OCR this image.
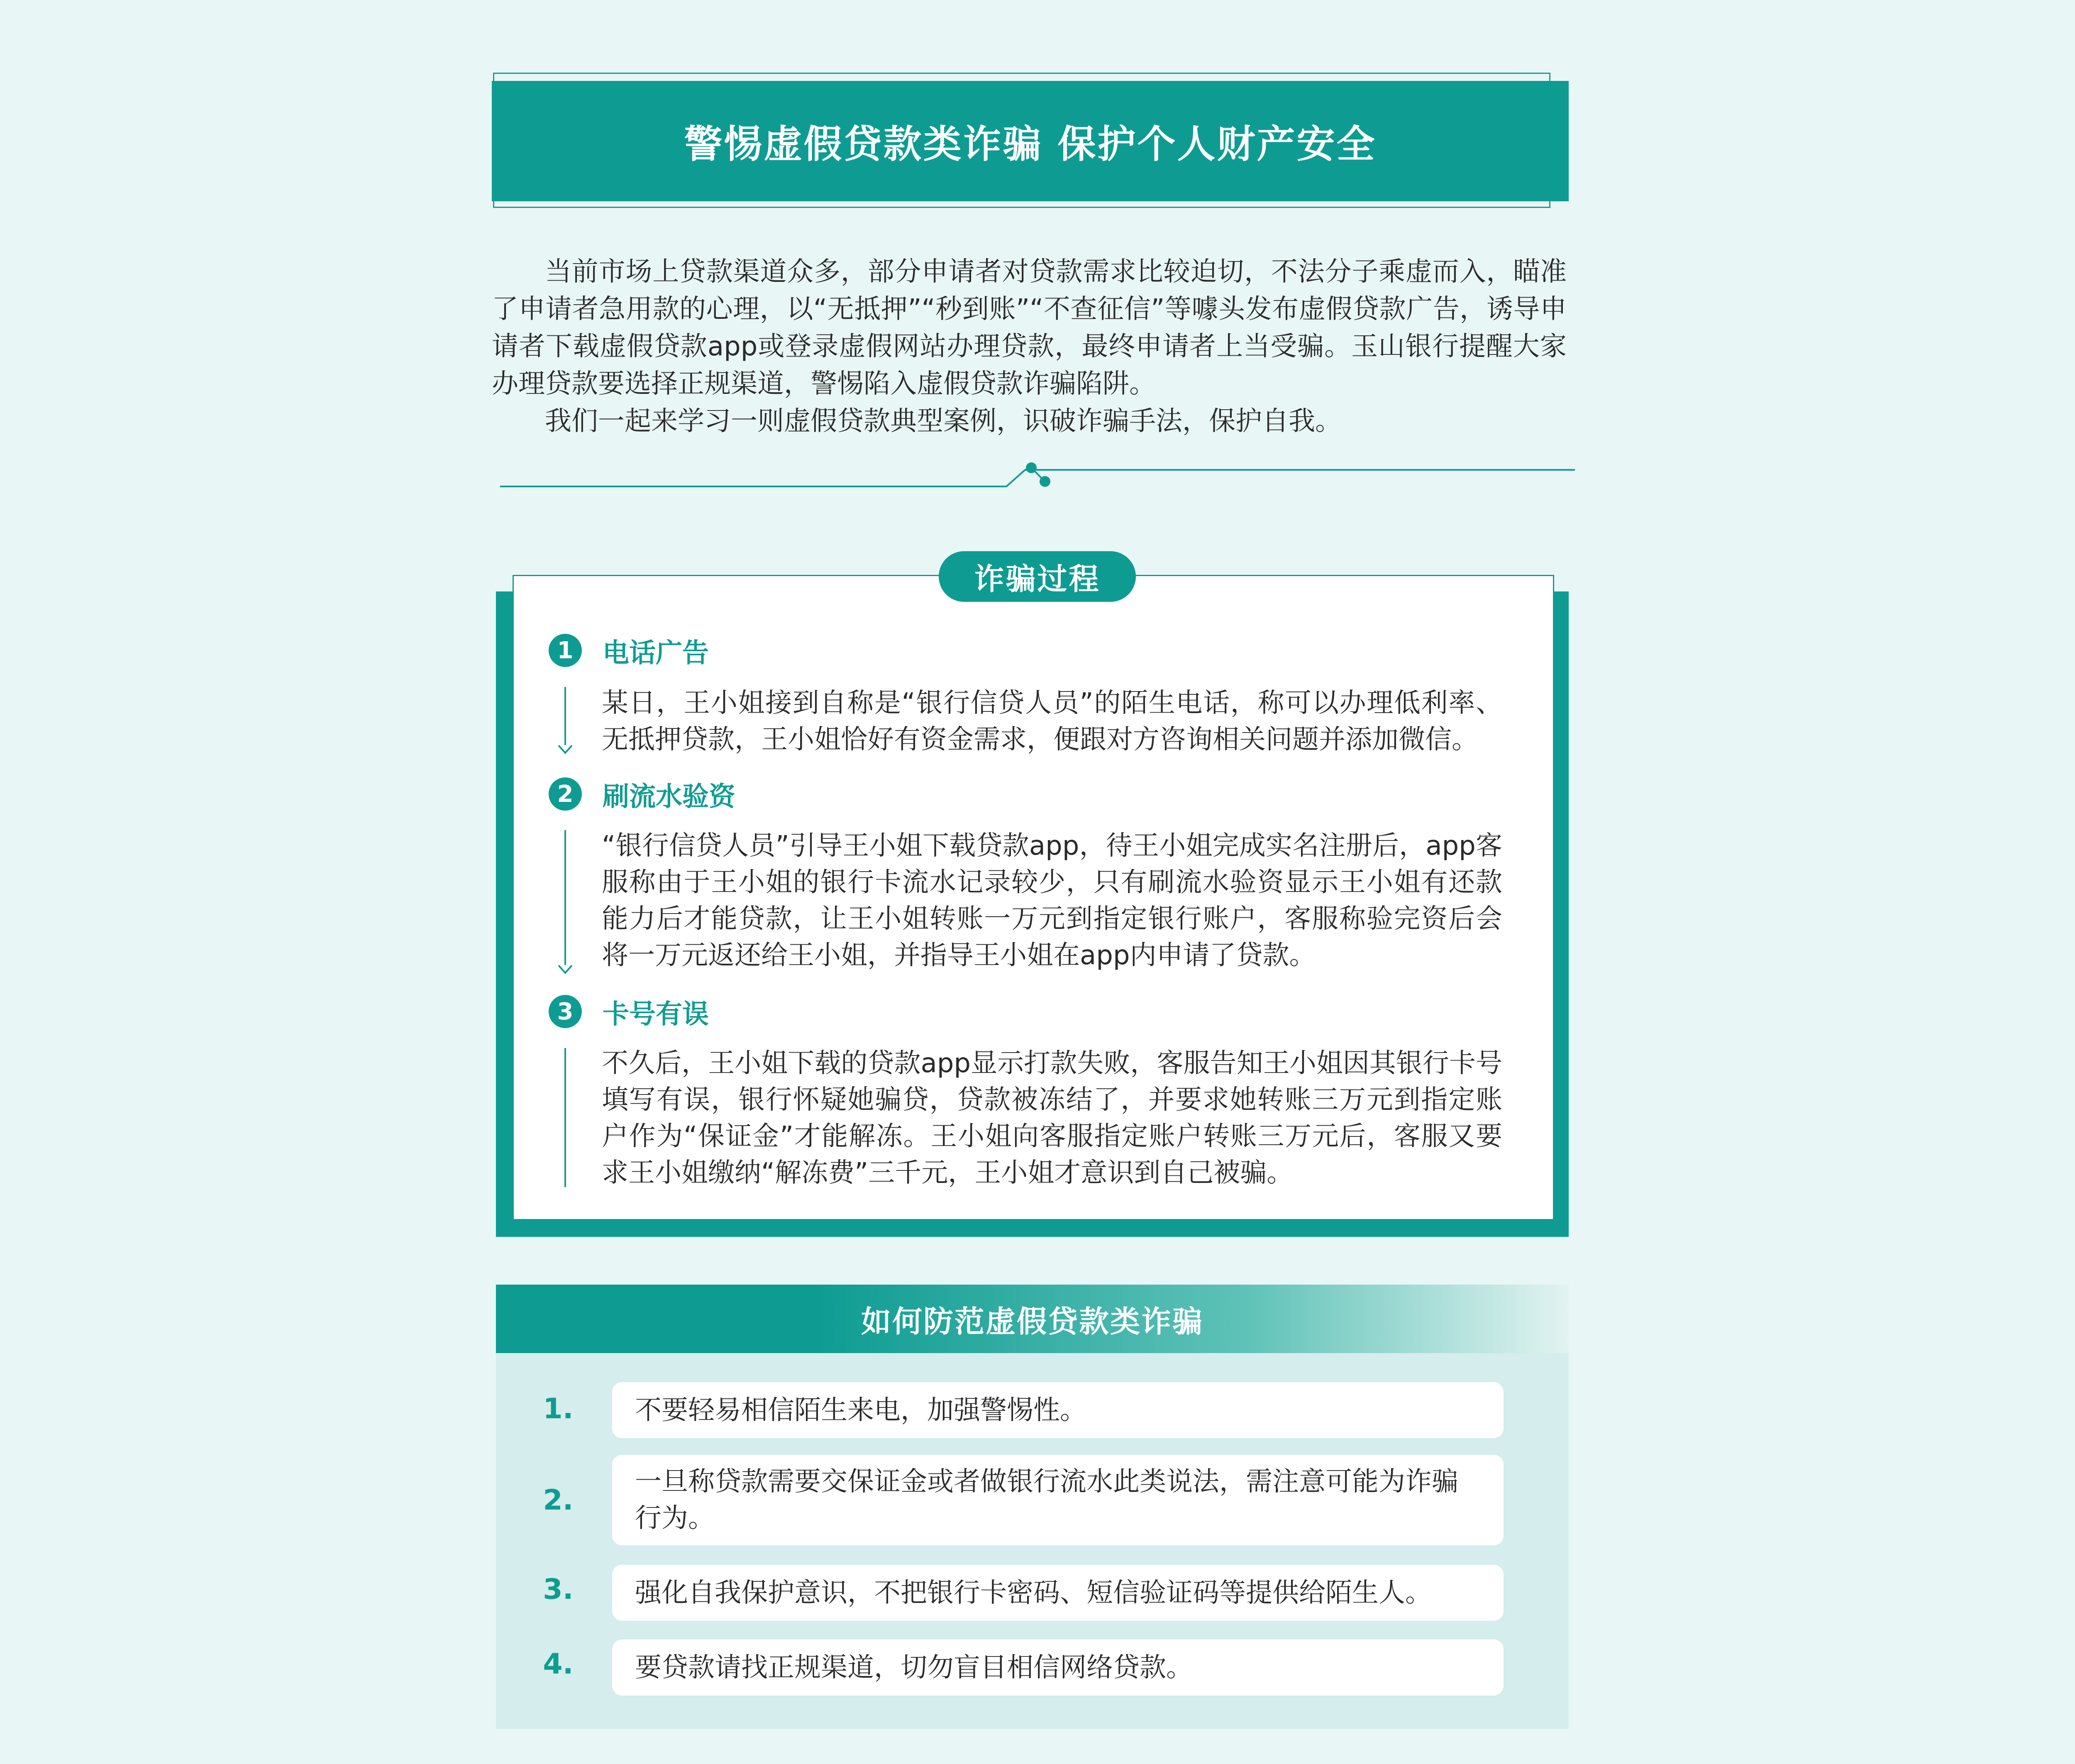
警惕虚假贷款类诈骗 保护个人财产安全

当前市场上贷款渠道众多，部分申请者对贷款需求比较迫切，不法分子乘虚而入，瞄准了申请者急用款的心理，以“无抵押”“秒到账”“不查征信”等噱头发布虚假贷款广告，诱导申请者下载虚假贷款app或登录虚假网站办理贷款，最终申请者上当受骗。玉山银行提醒大家办理贷款要选择正规渠道，警惕陷入虚假贷款诈骗陷阱。

我们一起来学习一则虚假贷款典型案例，识破诈骗手法，保护自我。

诈骗过程
1	电话广告
某日，王小姐接到自称是“银行信贷人员”的陌生电话，称可以办理低利率、无抵押贷款，王小姐恰好有资金需求，便跟对方咨询相关问题并添加微信。
2	刷流水验资
“银行信贷人员”引导王小姐下载贷款app，待王小姐完成实名注册后，app客服称由于王小姐的银行卡流水记录较少，只有刷流水验资显示王小姐有还款能力后才能贷款，让王小姐转账一万元到指定银行账户，客服称验完资后会将一万元返还给王小姐，并指导王小姐在app内申请了贷款。
3	卡号有误
不久后，王小姐下载的贷款app显示打款失败，客服告知王小姐因其银行卡号填写有误，银行怀疑她骗贷，贷款被冻结了，并要求她转账三万元到指定账户作为“保证金”才能解冻。王小姐向客服指定账户转账三万元后，客服又要求王小姐缴纳“解冻费”三千元，王小姐才意识到自己被骗。
如何防范虚假贷款类诈骗
1.	不要轻易相信陌生来电，加强警惕性。
2.
一旦称贷款需要交保证金或者做银行流水此类说法，需注意可能为诈骗行为。
3.	强化自我保护意识，不把银行卡密码、短信验证码等提供给陌生人。
4.	要贷款请找正规渠道，切勿盲目相信网络贷款。
